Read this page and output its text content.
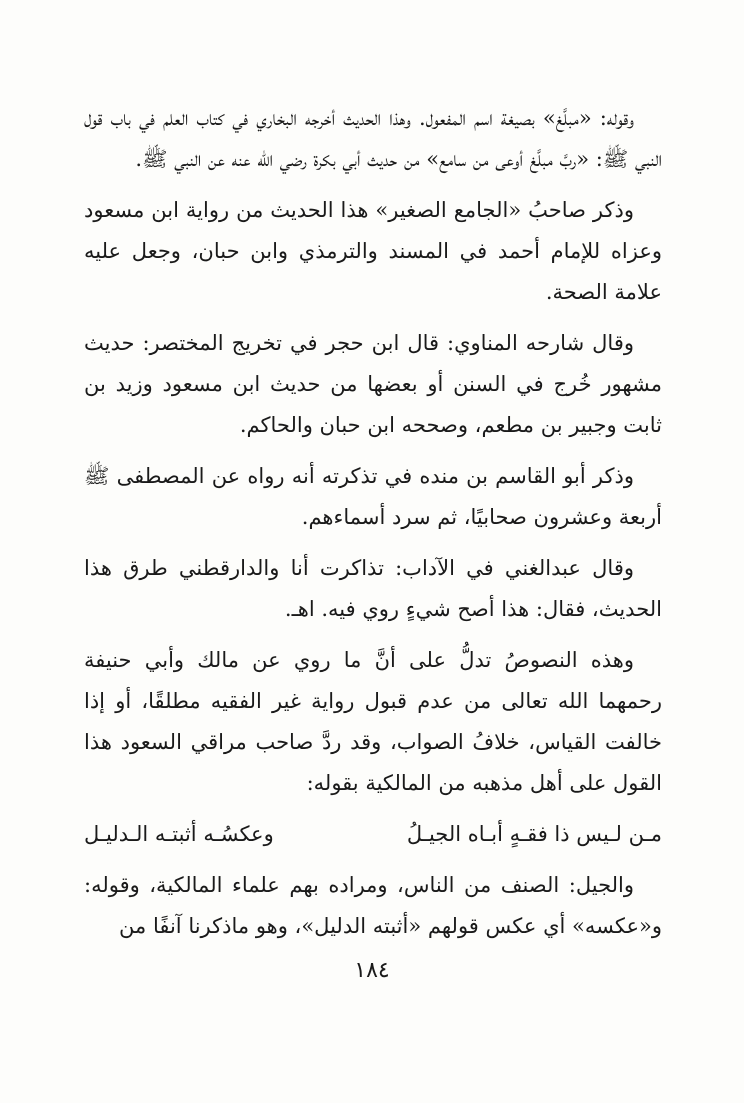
وقوله: «مبلَّغ» بصيغة اسم المفعول. وهذا الحديث أخرجه البخاري في كتاب العلم في باب قول النبي ﷺ: «ربَّ مبلَّغ أوعى من سامع» من حديث أبي بكرة رضي الله عنه عن النبي ﷺ.

وذكر صاحبُ «الجامع الصغير» هذا الحديث من رواية ابن مسعود وعزاه للإمام أحمد في المسند والترمذي وابن حبان، وجعل عليه علامة الصحة.

وقال شارحه المناوي: قال ابن حجر في تخريج المختصر: حديث مشهور خُرج في السنن أو بعضها من حديث ابن مسعود وزيد بن ثابت وجبير بن مطعم، وصححه ابن حبان والحاكم.

وذكر أبو القاسم بن منده في تذكرته أنه رواه عن المصطفى ﷺ أربعة وعشرون صحابيًا، ثم سرد أسماءهم.

وقال عبدالغني في الآداب: تذاكرت أنا والدارقطني طرق هذا الحديث، فقال: هذا أصح شيءٍ روي فيه. اهـ.

وهذه النصوصُ تدلُّ على أنَّ ما روي عن مالك وأبي حنيفة رحمهما الله تعالى من عدم قبول رواية غير الفقيه مطلقًا، أو إذا خالفت القياس، خلافُ الصواب، وقد ردَّ صاحب مراقي السعود هذا القول على أهل مذهبه من المالكية بقوله:

مـن لـيس ذا فقـهٍ أبـاه الجيـلُ
وعكسُـه أثبتـه الـدليـل

والجيل: الصنف من الناس، ومراده بهم علماء المالكية، وقوله: و«عكسه» أي عكس قولهم «أثبته الدليل»، وهو ماذكرنا آنفًا من

١٨٤
